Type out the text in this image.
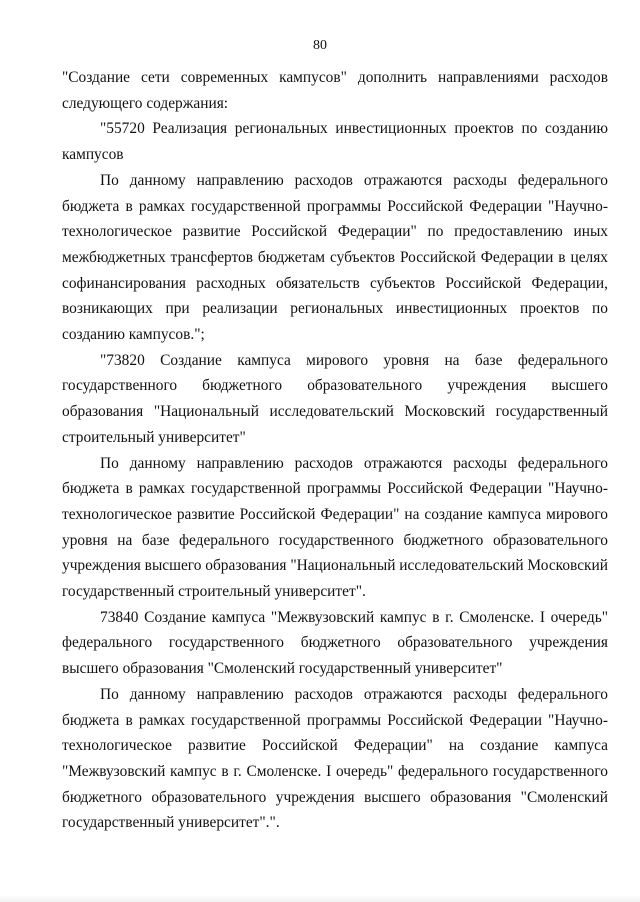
80

"Создание сети современных кампусов" дополнить направлениями расходов следующего содержания:

"55720 Реализация региональных инвестиционных проектов по созданию кампусов

По данному направлению расходов отражаются расходы федерального бюджета в рамках государственной программы Российской Федерации "Научно-технологическое развитие Российской Федерации" по предоставлению иных межбюджетных трансфертов бюджетам субъектов Российской Федерации в целях софинансирования расходных обязательств субъектов Российской Федерации, возникающих при реализации региональных инвестиционных проектов по созданию кампусов.";

"73820 Создание кампуса мирового уровня на базе федерального государственного бюджетного образовательного учреждения высшего образования "Национальный исследовательский Московский государственный строительный университет"

По данному направлению расходов отражаются расходы федерального бюджета в рамках государственной программы Российской Федерации "Научно-технологическое развитие Российской Федерации" на создание кампуса мирового уровня на базе федерального государственного бюджетного образовательного учреждения высшего образования "Национальный исследовательский Московский государственный строительный университет".

73840 Создание кампуса "Межвузовский кампус в г. Смоленске. I очередь" федерального государственного бюджетного образовательного учреждения высшего образования "Смоленский государственный университет"

По данному направлению расходов отражаются расходы федерального бюджета в рамках государственной программы Российской Федерации "Научно-технологическое развитие Российской Федерации" на создание кампуса "Межвузовский кампус в г. Смоленске. I очередь" федерального государственного бюджетного образовательного учреждения высшего образования "Смоленский государственный университет".".
